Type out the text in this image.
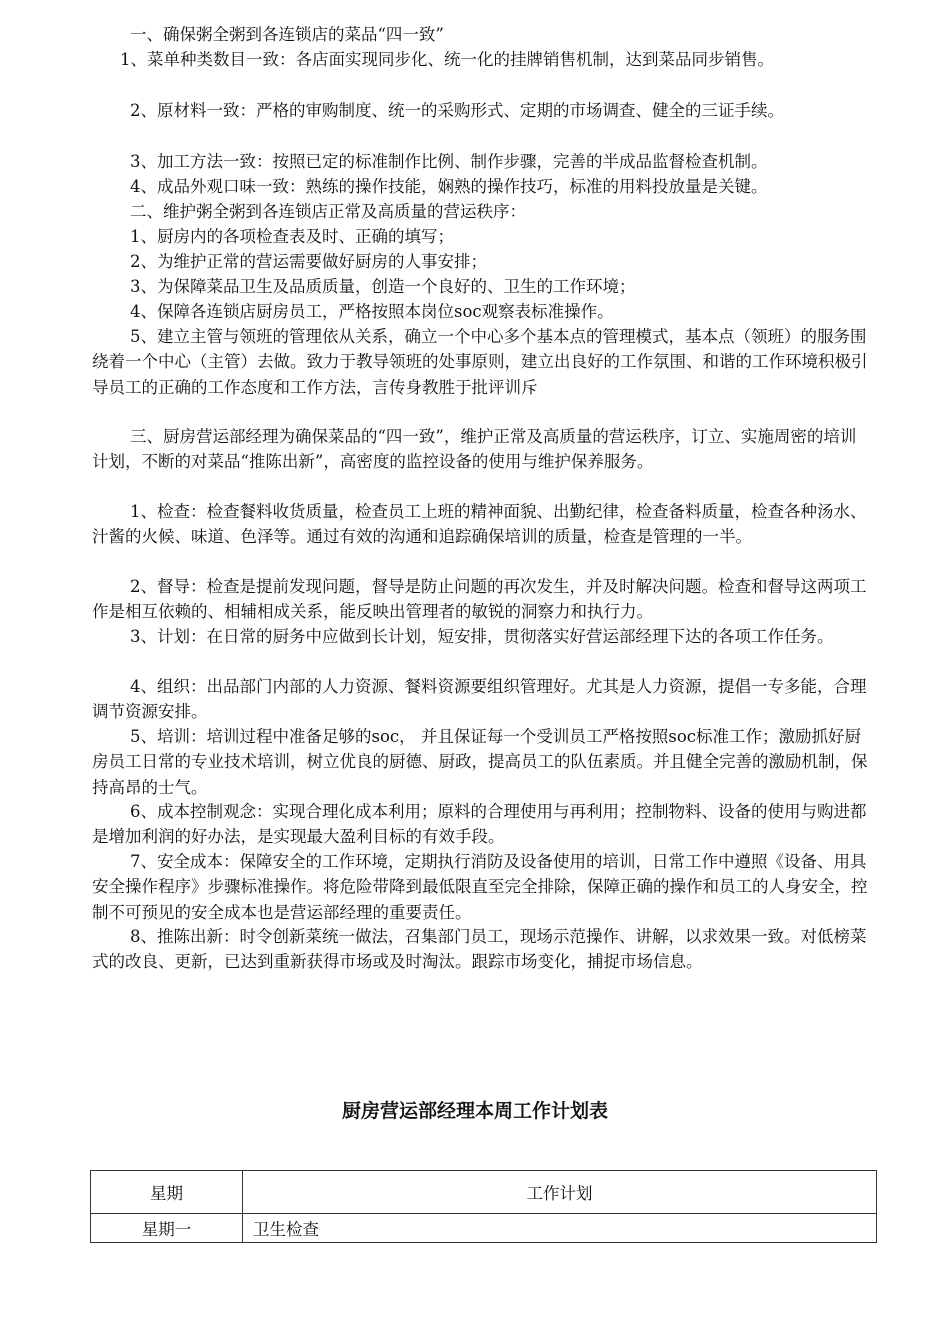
一、确保粥全粥到各连锁店的菜品“四一致”
1、菜单种类数目一致：各店面实现同步化、统一化的挂牌销售机制，达到菜品同步销售。
2、原材料一致：严格的审购制度、统一的采购形式、定期的市场调查、健全的三证手续。
3、加工方法一致：按照已定的标准制作比例、制作步骤，完善的半成品监督检查机制。
4、成品外观口味一致：熟练的操作技能，娴熟的操作技巧，标准的用料投放量是关键。
二、维护粥全粥到各连锁店正常及高质量的营运秩序：
1、厨房内的各项检查表及时、正确的填写；
2、为维护正常的营运需要做好厨房的人事安排；
3、为保障菜品卫生及品质质量，创造一个良好的、卫生的工作环境；
4、保障各连锁店厨房员工，严格按照本岗位soc观察表标准操作。
5、建立主管与领班的管理依从关系，确立一个中心多个基本点的管理模式，基本点（领班）的服务围绕着一个中心（主管）去做。致力于教导领班的处事原则，建立出良好的工作氛围、和谐的工作环境积极引导员工的正确的工作态度和工作方法，言传身教胜于批评训斥
三、厨房营运部经理为确保菜品的“四一致”，维护正常及高质量的营运秩序，订立、实施周密的培训计划，不断的对菜品“推陈出新”，高密度的监控设备的使用与维护保养服务。
1、检查：检查餐料收货质量，检查员工上班的精神面貌、出勤纪律，检查备料质量，检查各种汤水、汁酱的火候、味道、色泽等。通过有效的沟通和追踪确保培训的质量，检查是管理的一半。
2、督导：检查是提前发现问题，督导是防止问题的再次发生，并及时解决问题。检查和督导这两项工作是相互依赖的、相辅相成关系，能反映出管理者的敏锐的洞察力和执行力。
3、计划：在日常的厨务中应做到长计划，短安排，贯彻落实好营运部经理下达的各项工作任务。
4、组织：出品部门内部的人力资源、餐料资源要组织管理好。尤其是人力资源，提倡一专多能，合理调节资源安排。
5、培训：培训过程中准备足够的soc， 并且保证每一个受训员工严格按照soc标准工作；激励抓好厨房员工日常的专业技术培训，树立优良的厨德、厨政，提高员工的队伍素质。并且健全完善的激励机制，保持高昂的士气。
6、成本控制观念：实现合理化成本利用；原料的合理使用与再利用；控制物料、设备的使用与购进都是增加利润的好办法，是实现最大盈利目标的有效手段。
7、安全成本：保障安全的工作环境，定期执行消防及设备使用的培训，日常工作中遵照《设备、用具安全操作程序》步骤标准操作。将危险带降到最低限直至完全排除，保障正确的操作和员工的人身安全，控制不可预见的安全成本也是营运部经理的重要责任。
8、推陈出新：时令创新菜统一做法，召集部门员工，现场示范操作、讲解，以求效果一致。对低榜菜式的改良、更新，已达到重新获得市场或及时淘汰。跟踪市场变化，捕捉市场信息。
厨房营运部经理本周工作计划表
星期	工作计划
星期一	卫生检查
